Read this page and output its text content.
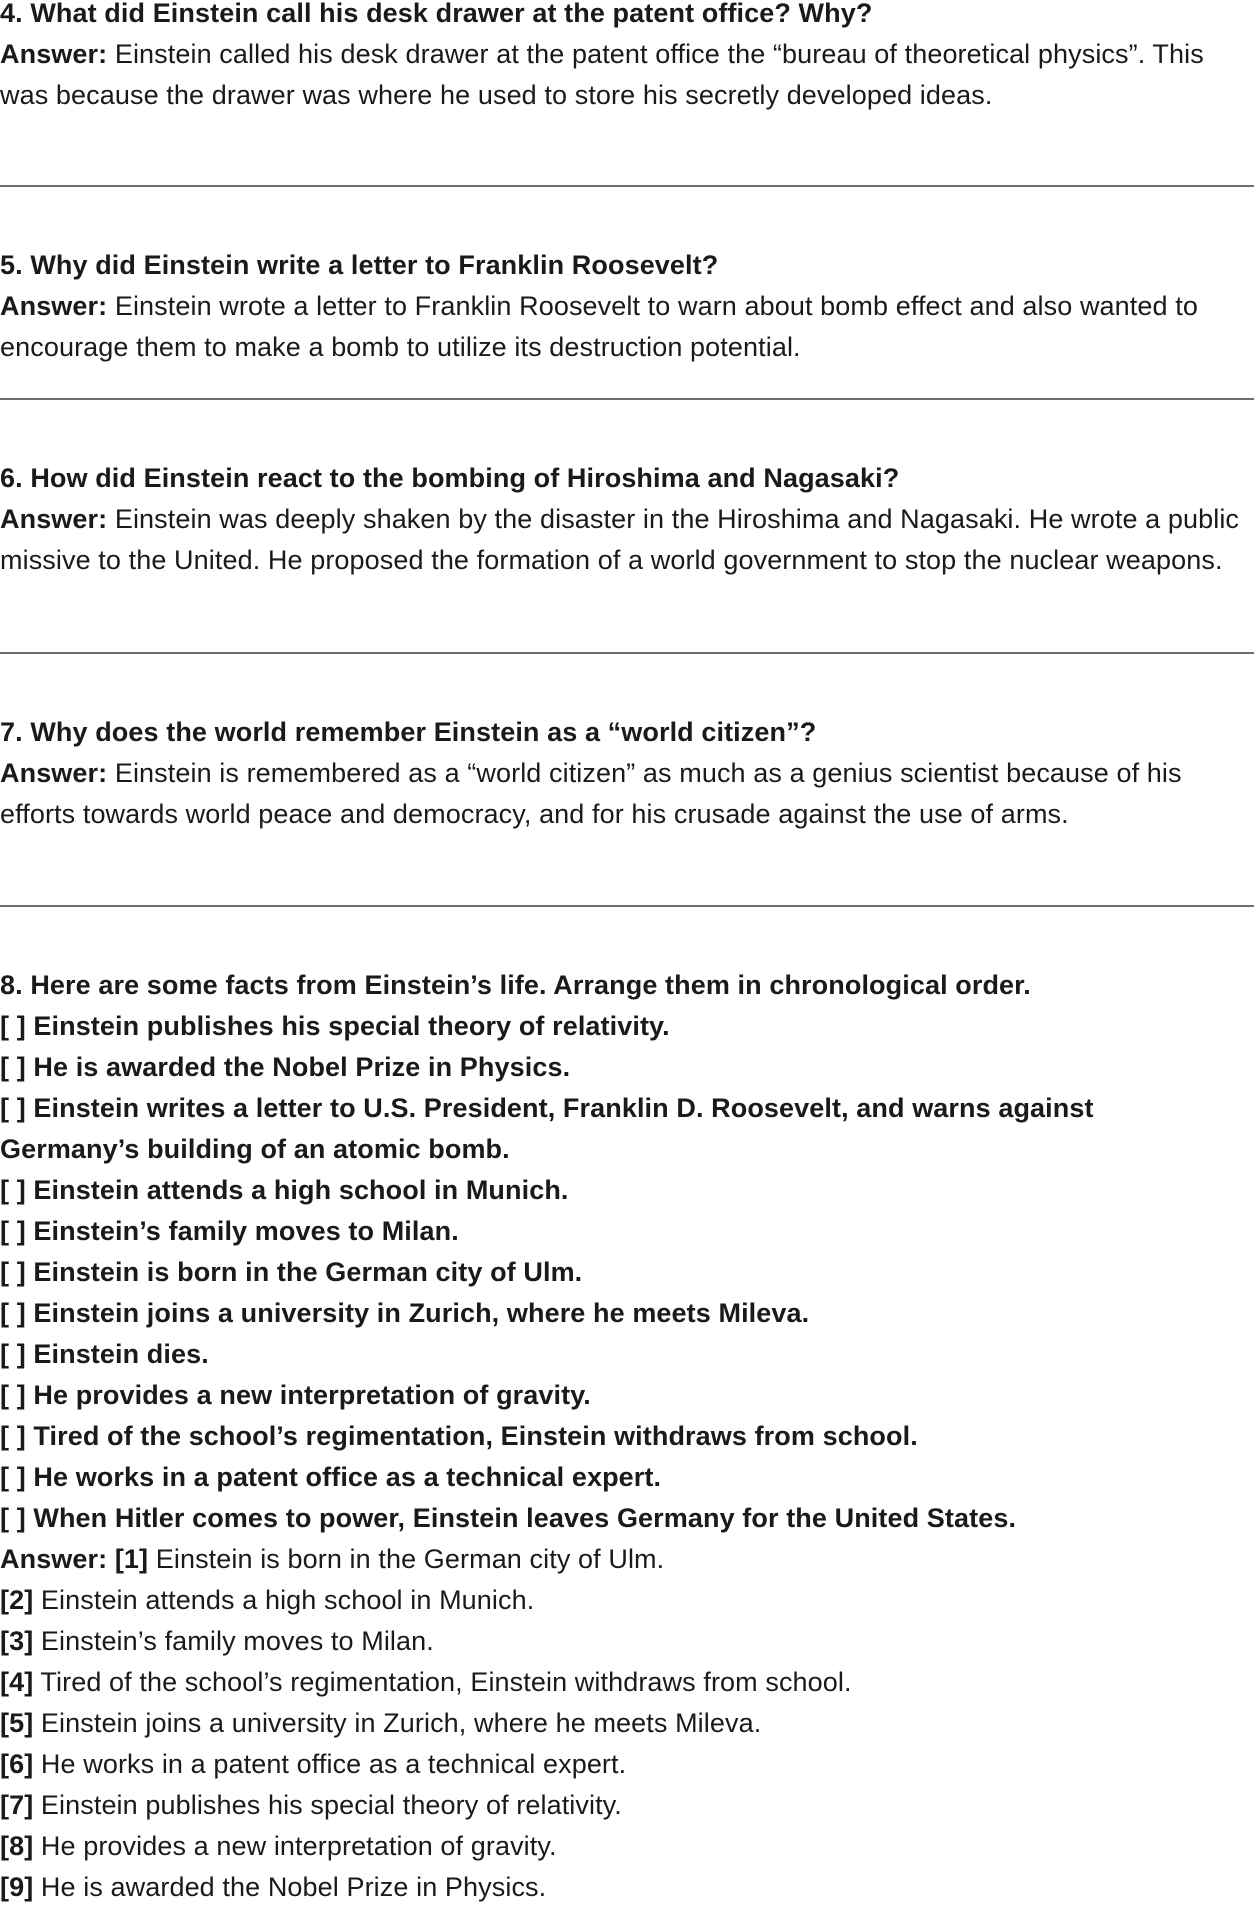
4. What did Einstein call his desk drawer at the patent office? Why?

Answer: Einstein called his desk drawer at the patent office the “bureau of theoretical physics”. This was because the drawer was where he used to store his secretly developed ideas.

5. Why did Einstein write a letter to Franklin Roosevelt?

Answer: Einstein wrote a letter to Franklin Roosevelt to warn about bomb effect and also wanted to encourage them to make a bomb to utilize its destruction potential.

6. How did Einstein react to the bombing of Hiroshima and Nagasaki?

Answer: Einstein was deeply shaken by the disaster in the Hiroshima and Nagasaki. He wrote a public missive to the United. He proposed the formation of a world government to stop the nuclear weapons.

7. Why does the world remember Einstein as a “world citizen”?

Answer: Einstein is remembered as a “world citizen” as much as a genius scientist because of his efforts towards world peace and democracy, and for his crusade against the use of arms.

8. Here are some facts from Einstein’s life. Arrange them in chronological order.

[ ] Einstein publishes his special theory of relativity.

[ ] He is awarded the Nobel Prize in Physics.

[ ] Einstein writes a letter to U.S. President, Franklin D. Roosevelt, and warns against Germany’s building of an atomic bomb.

[ ] Einstein attends a high school in Munich.

[ ] Einstein’s family moves to Milan.

[ ] Einstein is born in the German city of Ulm.

[ ] Einstein joins a university in Zurich, where he meets Mileva.

[ ] Einstein dies.

[ ] He provides a new interpretation of gravity.

[ ] Tired of the school’s regimentation, Einstein withdraws from school.

[ ] He works in a patent office as a technical expert.

[ ] When Hitler comes to power, Einstein leaves Germany for the United States.

Answer: [1] Einstein is born in the German city of Ulm.

[2] Einstein attends a high school in Munich.

[3] Einstein’s family moves to Milan.

[4] Tired of the school’s regimentation, Einstein withdraws from school.

[5] Einstein joins a university in Zurich, where he meets Mileva.

[6] He works in a patent office as a technical expert.

[7] Einstein publishes his special theory of relativity.

[8] He provides a new interpretation of gravity.

[9] He is awarded the Nobel Prize in Physics.
